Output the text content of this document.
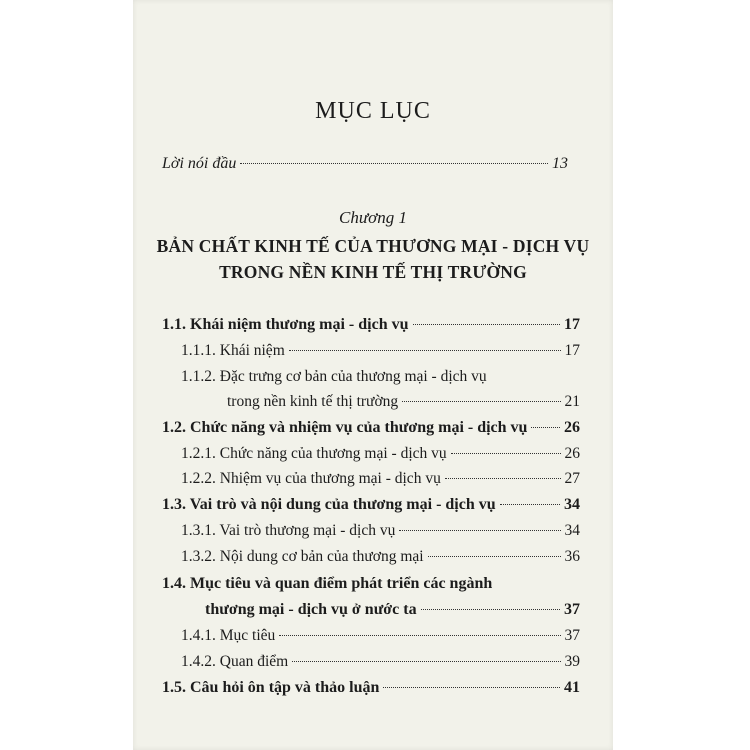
MỤC LỤC
Lời nói đầu	13
Chương 1
BẢN CHẤT KINH TẾ CỦA THƯƠNG MẠI - DỊCH VỤ
TRONG NỀN KINH TẾ THỊ TRƯỜNG
1.1. Khái niệm thương mại - dịch vụ	17
1.1.1. Khái niệm	17
1.1.2. Đặc trưng cơ bản của thương mại - dịch vụ
trong nền kinh tế thị trường	21
1.2. Chức năng và nhiệm vụ của thương mại - dịch vụ 26
1.2.1. Chức năng của thương mại - dịch vụ	26
1.2.2. Nhiệm vụ của thương mại - dịch vụ	27
1.3. Vai trò và nội dung của thương mại - dịch vụ	34
1.3.1. Vai trò thương mại - dịch vụ	34
1.3.2. Nội dung cơ bản của thương mại	36
1.4. Mục tiêu và quan điểm phát triển các ngành
thương mại - dịch vụ ở nước ta	37
1.4.1. Mục tiêu	37
1.4.2. Quan điểm	39
1.5. Câu hỏi ôn tập và thảo luận	41
